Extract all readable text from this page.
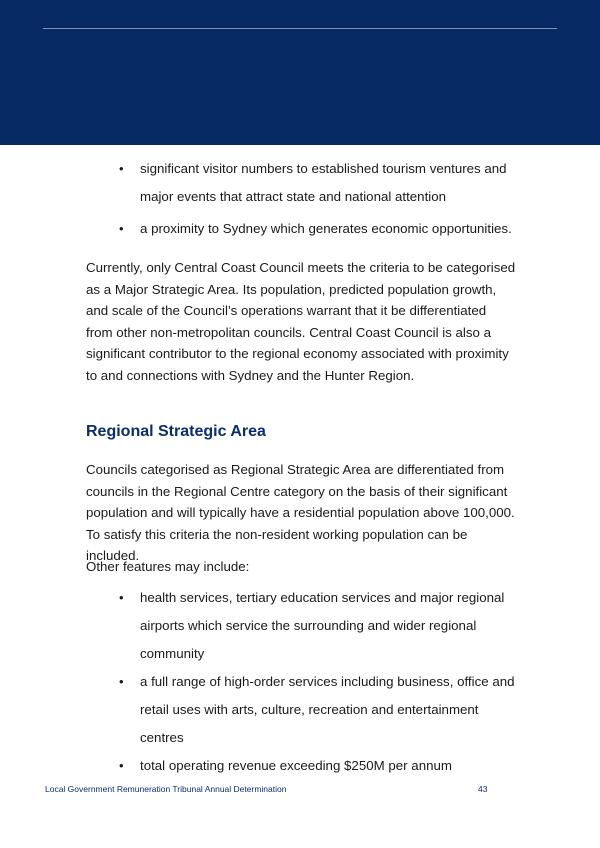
• significant visitor numbers to established tourism ventures and major events that attract state and national attention
• a proximity to Sydney which generates economic opportunities.

Currently, only Central Coast Council meets the criteria to be categorised as a Major Strategic Area. Its population, predicted population growth, and scale of the Council’s operations warrant that it be differentiated from other non-metropolitan councils. Central Coast Council is also a significant contributor to the regional economy associated with proximity to and connections with Sydney and the Hunter Region.

Regional Strategic Area

Councils categorised as Regional Strategic Area are differentiated from councils in the Regional Centre category on the basis of their significant population and will typically have a residential population above 100,000. To satisfy this criteria the non-resident working population can be included.

Other features may include:

• health services, tertiary education services and major regional airports which service the surrounding and wider regional community
• a full range of high-order services including business, office and retail uses with arts, culture, recreation and entertainment centres
• total operating revenue exceeding $250M per annum
Local Government Remuneration Tribunal Annual Determination	43
